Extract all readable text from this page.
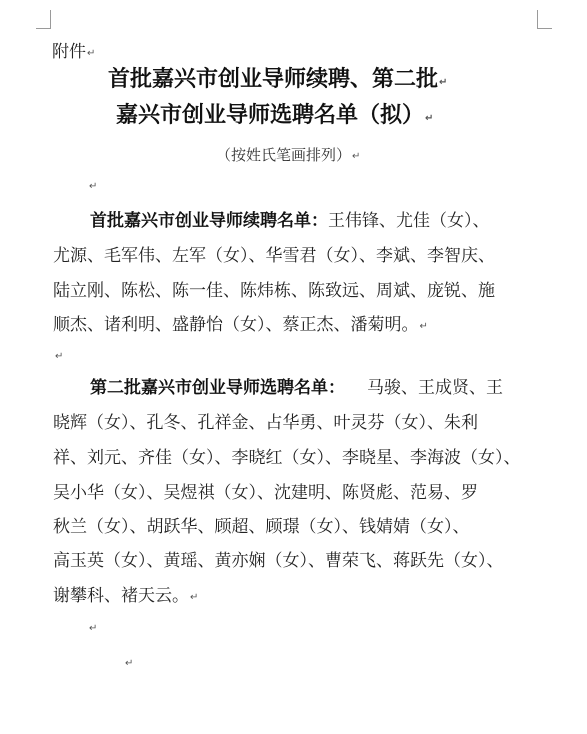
附件↵
首批嘉兴市创业导师续聘、第二批↵
嘉兴市创业导师选聘名单（拟）↵
（按姓氏笔画排列）↵
↵
首批嘉兴市创业导师续聘名单：王伟锋、尤佳（女）、
尤源、毛军伟、左军（女）、华雪君（女）、李斌、李智庆、
陆立刚、陈松、陈一佳、陈炜栋、陈致远、周斌、庞锐、施
顺杰、诸利明、盛静怡（女）、蔡正杰、潘菊明。↵
↵
第二批嘉兴市创业导师选聘名单： 马骏、王成贤、王
晓辉（女）、孔冬、孔祥金、占华勇、叶灵芬（女）、朱利
祥、刘元、齐佳（女）、李晓红（女）、李晓星、李海波（女）、
吴小华（女）、吴煜祺（女）、沈建明、陈贤彪、范易、罗
秋兰（女）、胡跃华、顾超、顾璟（女）、钱婧婧（女）、
高玉英（女）、黄瑶、黄亦娴（女）、曹荣飞、蒋跃先（女）、
谢攀科、褚天云。↵
↵
↵
